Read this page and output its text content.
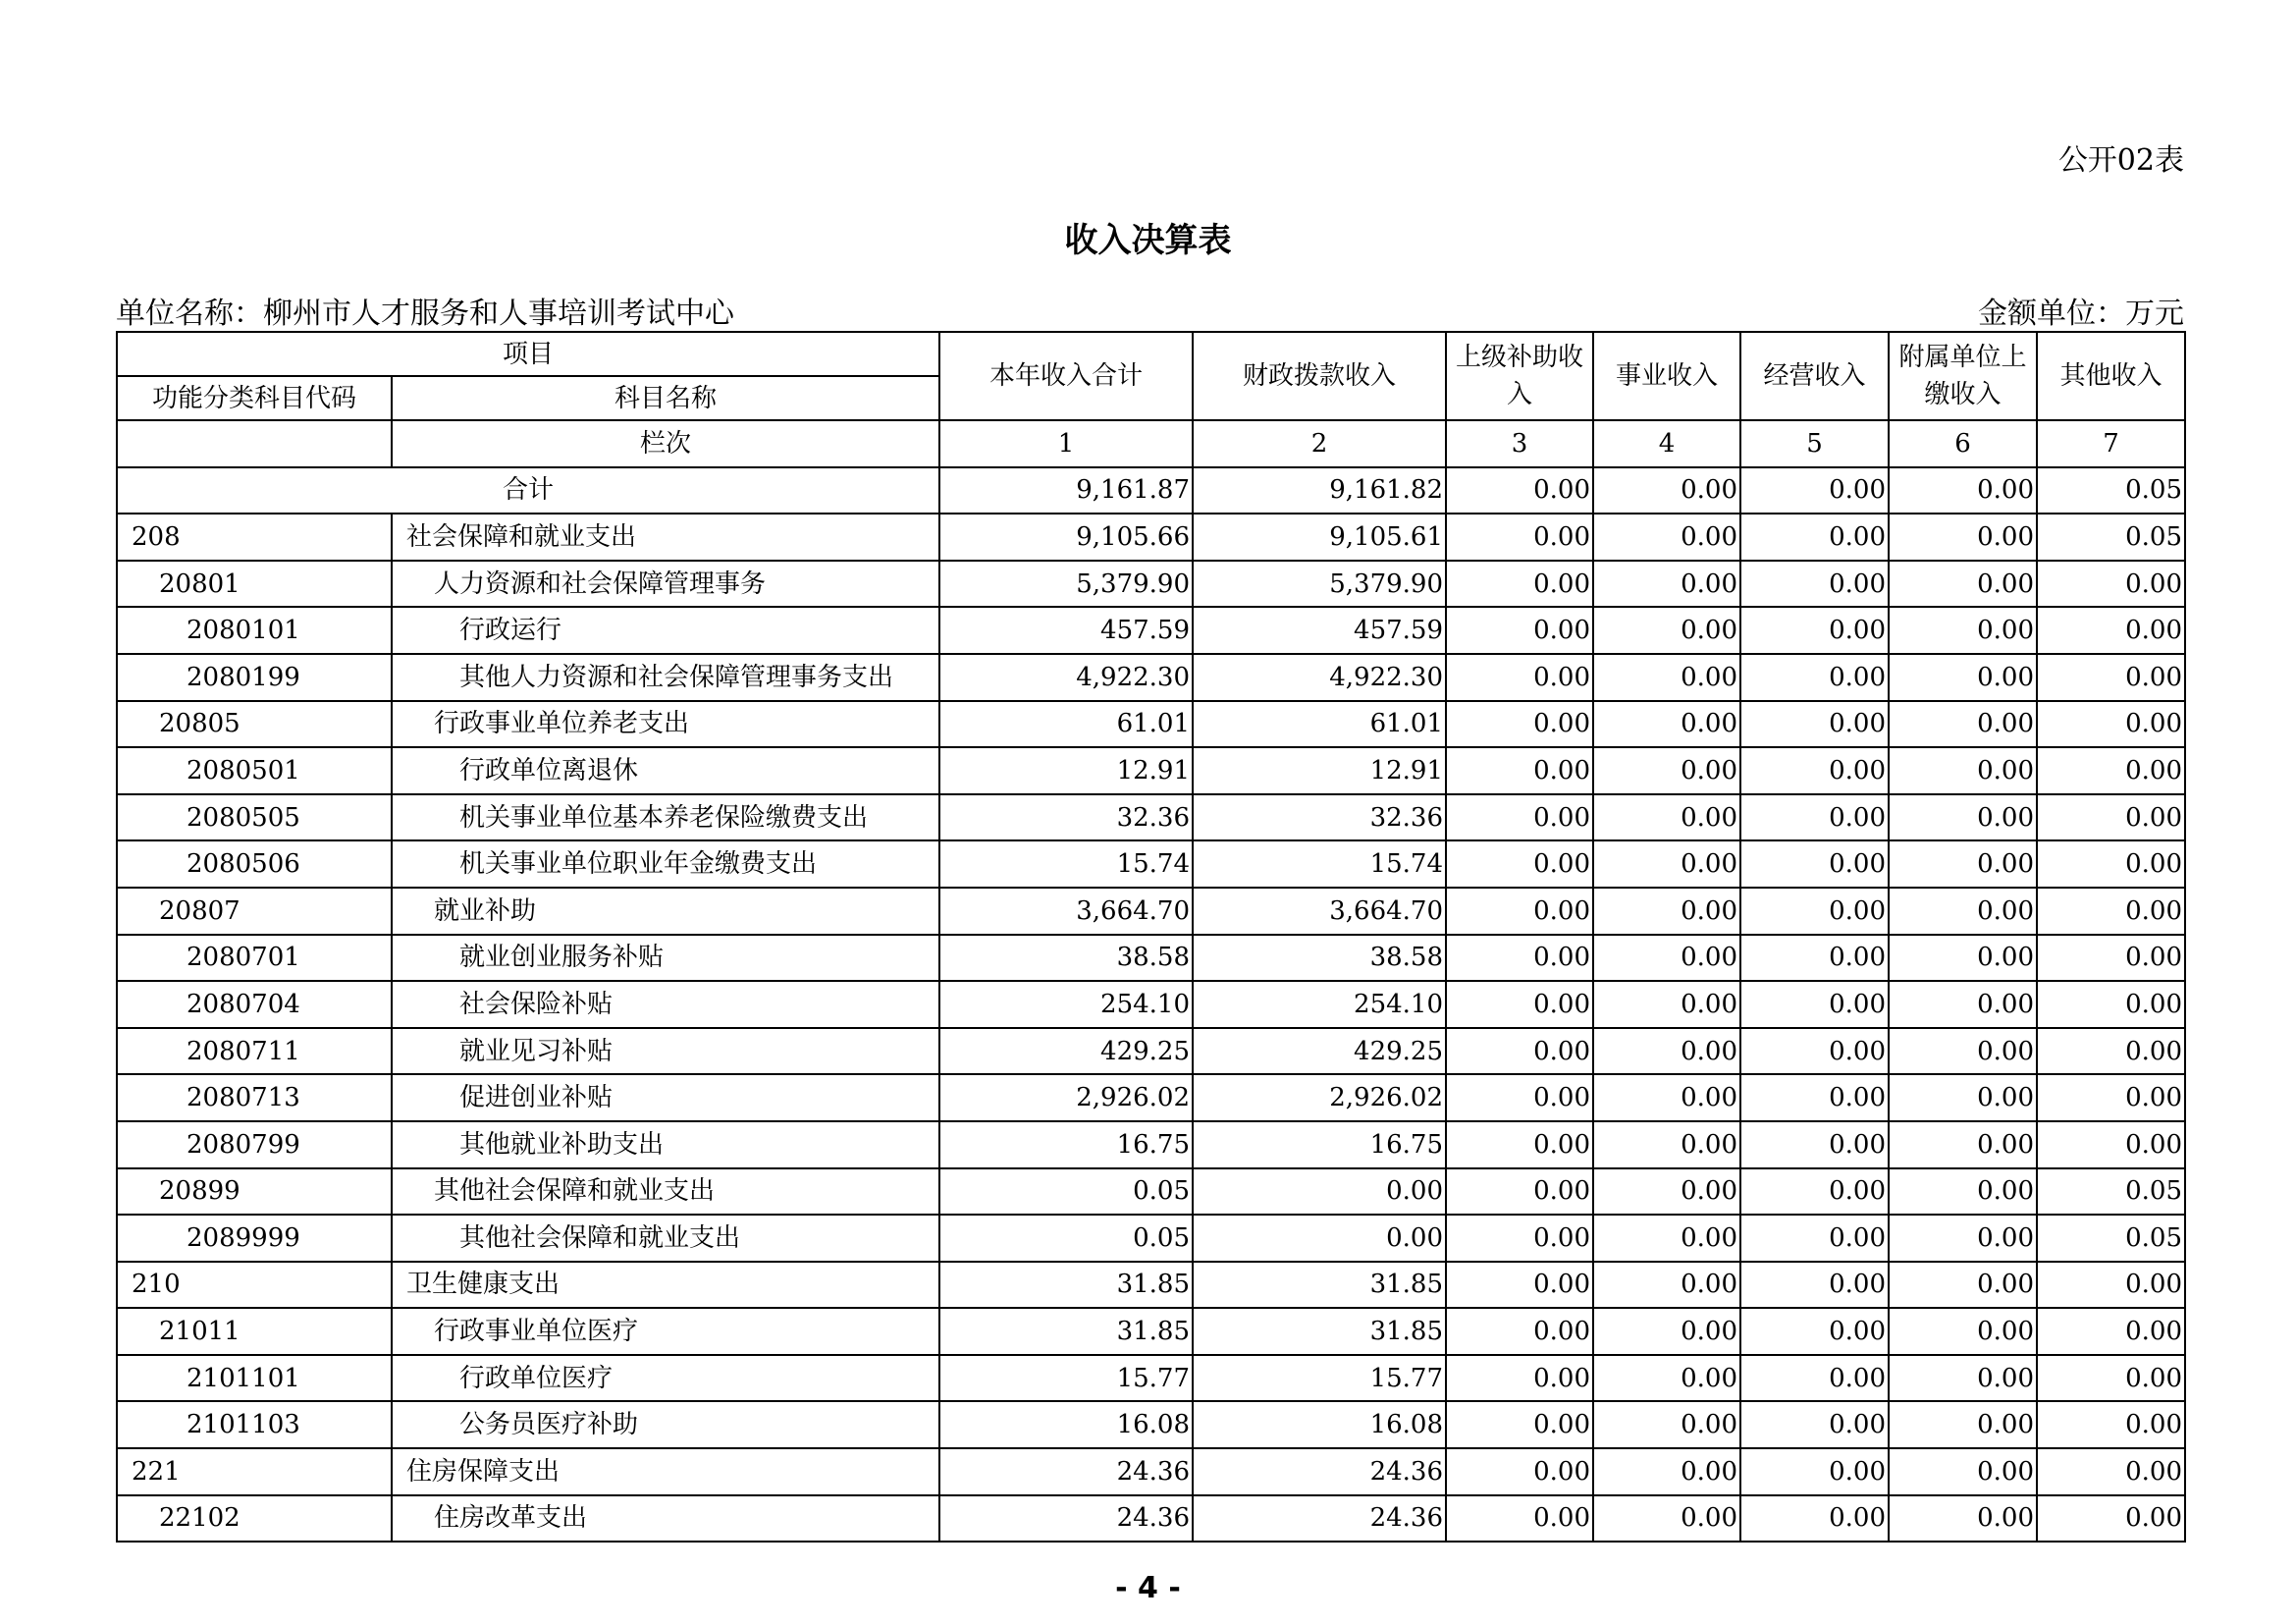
公开02表
收入决算表
单位名称：柳州市人才服务和人事培训考试中心	金额单位：万元
项目		本年收入合计	财政拨款收入	上级补助收入	事业收入	经营收入	附属单位上缴收入	其他收入
功能分类科目代码	科目名称							
	栏次	1	2	3	4	5	6	7
合计		9,161.87	9,161.82	0.00	0.00	0.00	0.00	0.05
208	社会保障和就业支出	9,105.66	9,105.61	0.00	0.00	0.00	0.00	0.05
20801	人力资源和社会保障管理事务	5,379.90	5,379.90	0.00	0.00	0.00	0.00	0.00
2080101	行政运行	457.59	457.59	0.00	0.00	0.00	0.00	0.00
2080199	其他人力资源和社会保障管理事务支出	4,922.30	4,922.30	0.00	0.00	0.00	0.00	0.00
20805	行政事业单位养老支出	61.01	61.01	0.00	0.00	0.00	0.00	0.00
2080501	行政单位离退休	12.91	12.91	0.00	0.00	0.00	0.00	0.00
2080505	机关事业单位基本养老保险缴费支出	32.36	32.36	0.00	0.00	0.00	0.00	0.00
2080506	机关事业单位职业年金缴费支出	15.74	15.74	0.00	0.00	0.00	0.00	0.00
20807	就业补助	3,664.70	3,664.70	0.00	0.00	0.00	0.00	0.00
2080701	就业创业服务补贴	38.58	38.58	0.00	0.00	0.00	0.00	0.00
2080704	社会保险补贴	254.10	254.10	0.00	0.00	0.00	0.00	0.00
2080711	就业见习补贴	429.25	429.25	0.00	0.00	0.00	0.00	0.00
2080713	促进创业补贴	2,926.02	2,926.02	0.00	0.00	0.00	0.00	0.00
2080799	其他就业补助支出	16.75	16.75	0.00	0.00	0.00	0.00	0.00
20899	其他社会保障和就业支出	0.05	0.00	0.00	0.00	0.00	0.00	0.05
2089999	其他社会保障和就业支出	0.05	0.00	0.00	0.00	0.00	0.00	0.05
210	卫生健康支出	31.85	31.85	0.00	0.00	0.00	0.00	0.00
21011	行政事业单位医疗	31.85	31.85	0.00	0.00	0.00	0.00	0.00
2101101	行政单位医疗	15.77	15.77	0.00	0.00	0.00	0.00	0.00
2101103	公务员医疗补助	16.08	16.08	0.00	0.00	0.00	0.00	0.00
221	住房保障支出	24.36	24.36	0.00	0.00	0.00	0.00	0.00
22102	住房改革支出	24.36	24.36	0.00	0.00	0.00	0.00	0.00
- 4 -
